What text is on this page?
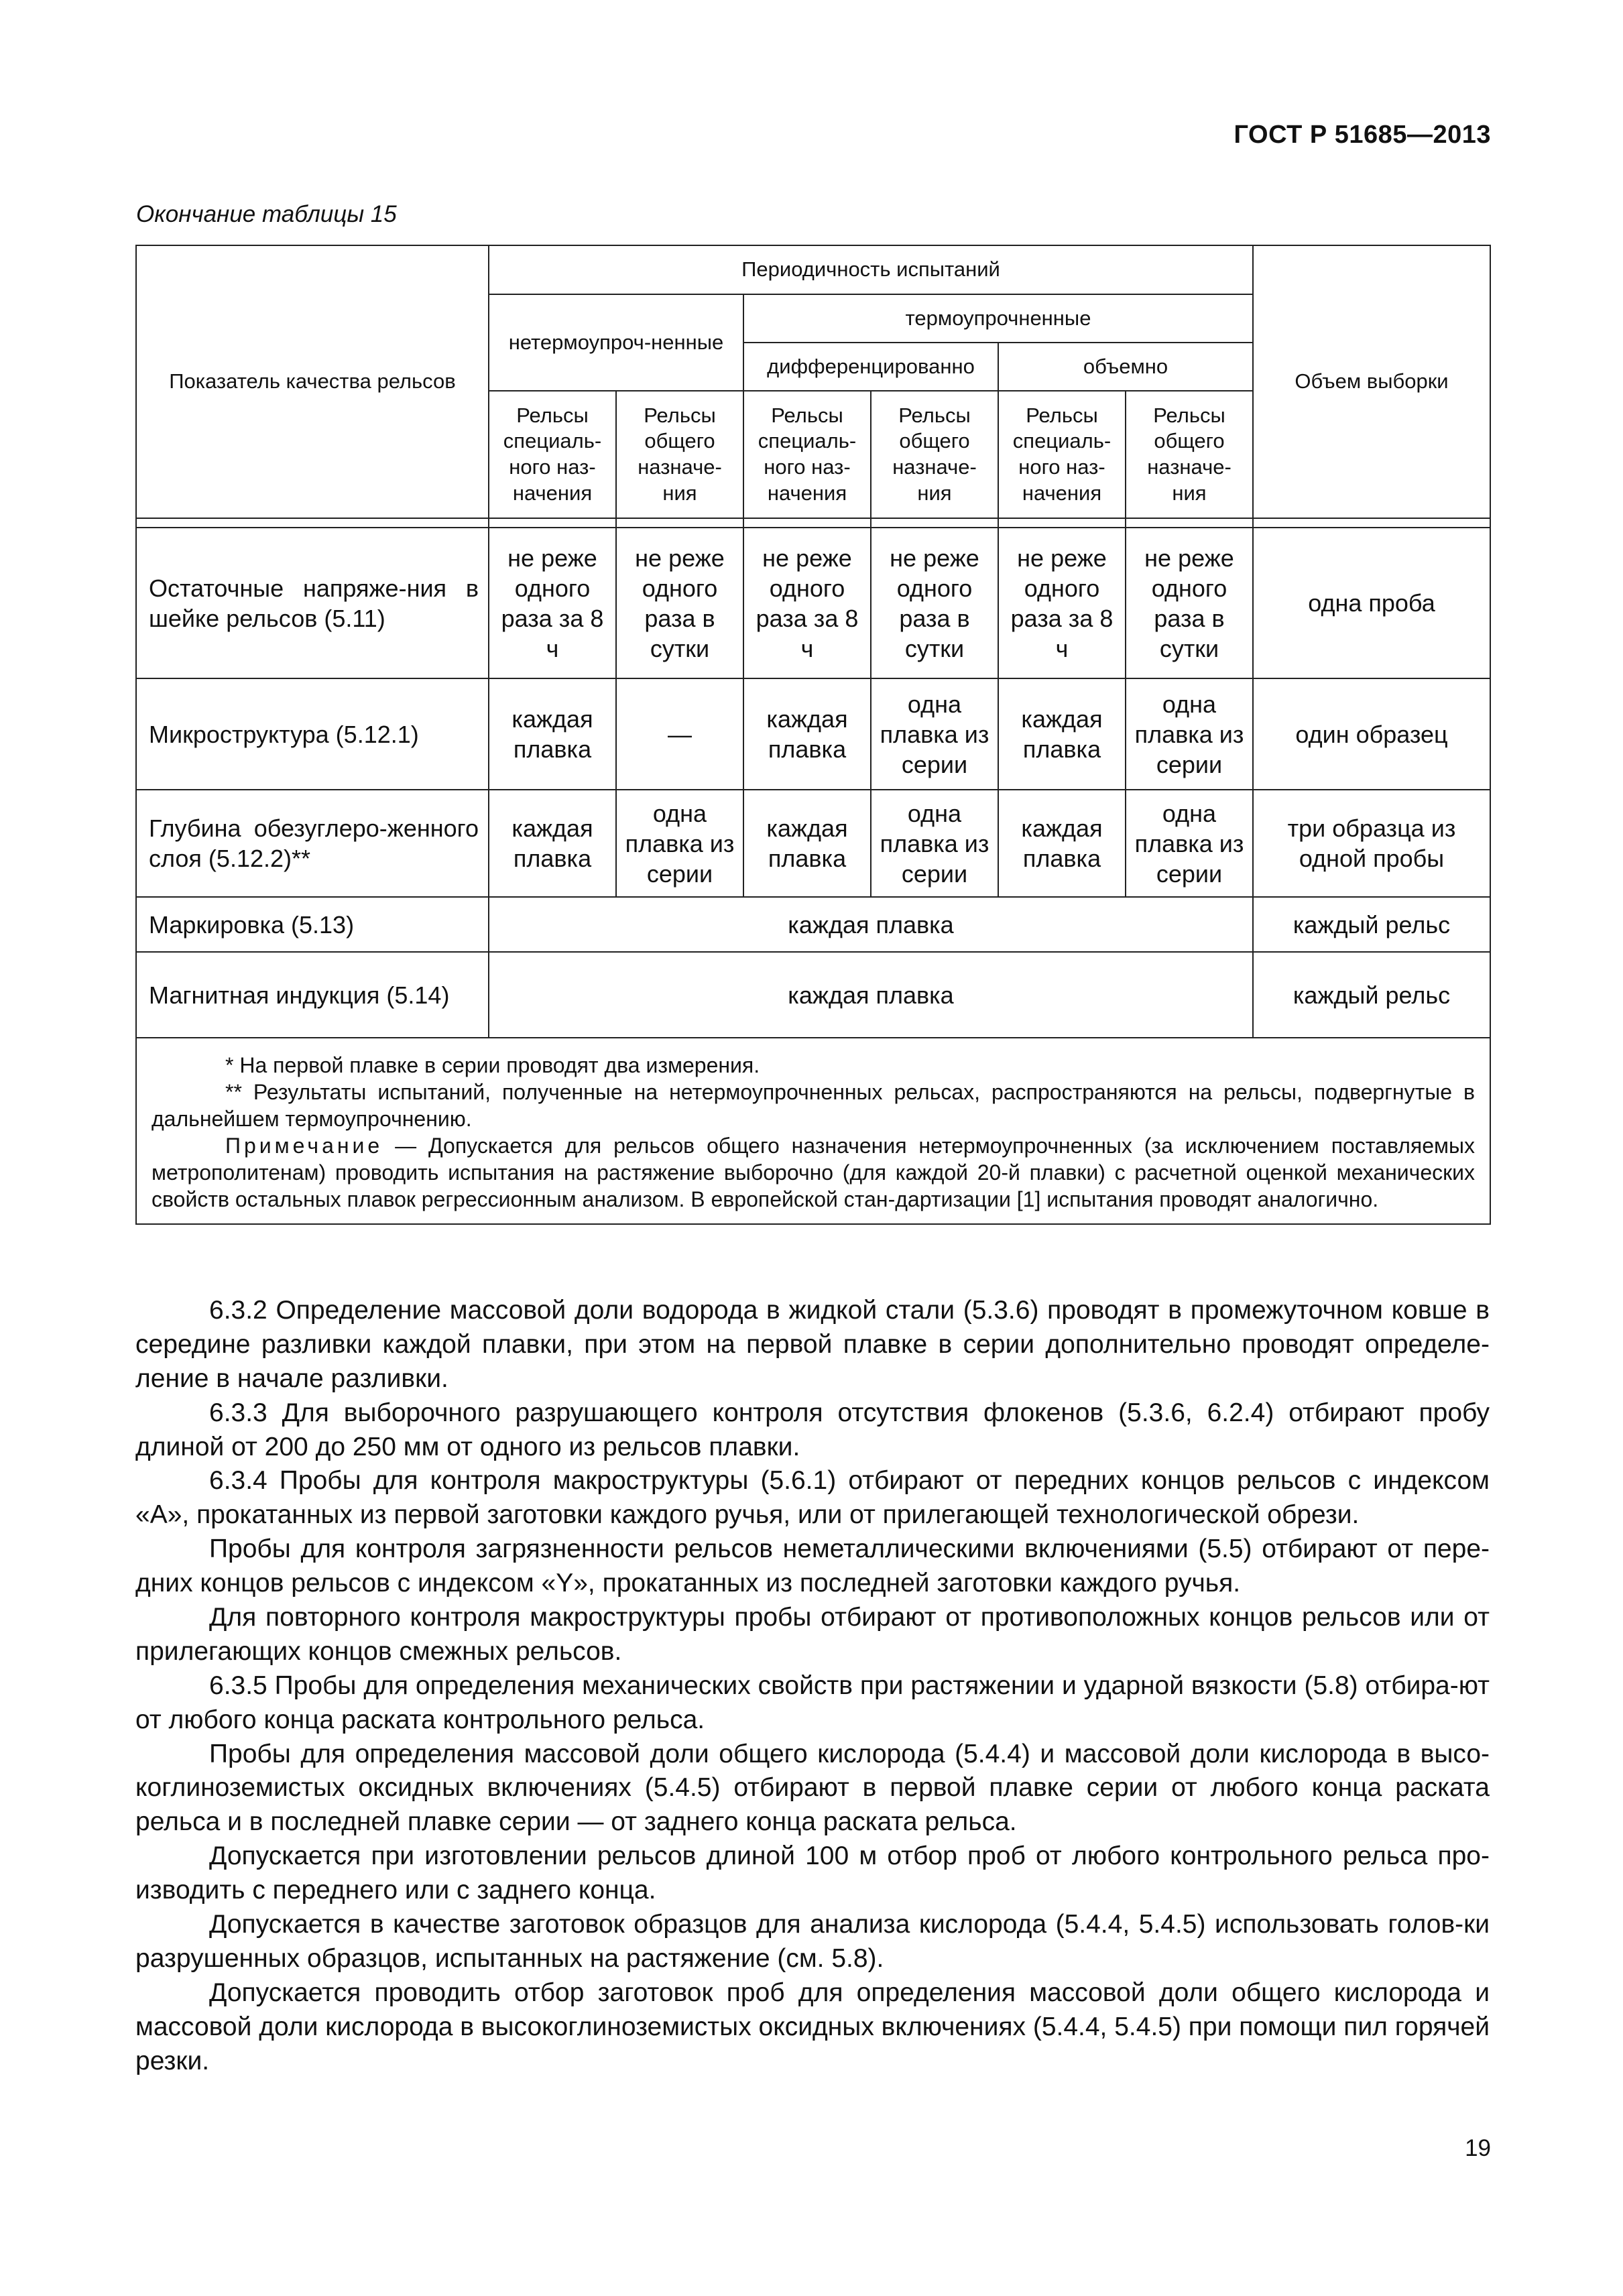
ГОСТ Р 51685—2013
Окончание таблицы 15
Показатель качества рельсов	Периодичность испытаний						Объем выборки
	нетермоупроч-ненные		термоупрочненные				
			дифференцированно		объемно		
	Рельсы специаль-ного наз-начения	Рельсы общего назначе-ния	Рельсы специаль-ного наз-начения	Рельсы общего назначе-ния	Рельсы специаль-ного наз-начения	Рельсы общего назначе-ния	

Остаточные напряже-ния в шейке рельсов (5.11)	не реже одного раза за 8 ч	не реже одного раза в сутки	не реже одного раза за 8 ч	не реже одного раза в сутки	не реже одного раза за 8 ч	не реже одного раза в сутки	одна проба
Микроструктура (5.12.1)	каждая плавка	—	каждая плавка	одна плавка из серии	каждая плавка	одна плавка из серии	один образец
Глубина обезуглеро-женного слоя (5.12.2)**	каждая плавка	одна плавка из серии	каждая плавка	одна плавка из серии	каждая плавка	одна плавка из серии	три образца из одной пробы
Маркировка (5.13)	каждая плавка						каждый рельс
Магнитная индукция (5.14)	каждая плавка						каждый рельс

* На первой плавке в серии проводят два измерения.

** Результаты испытаний, полученные на нетермоупрочненных рельсах, распространяются на рельсы, подвергнутые в дальнейшем термоупрочнению.

Примечание — Допускается для рельсов общего назначения нетермоупрочненных (за исключением поставляемых метрополитенам) проводить испытания на растяжение выборочно (для каждой 20-й плавки) с расчетной оценкой механических свойств остальных плавок регрессионным анализом. В европейской стан-дартизации [1] испытания проводят аналогично.							

6.3.2 Определение массовой доли водорода в жидкой стали (5.3.6) проводят в промежуточном ковше в середине разливки каждой плавки, при этом на первой плавке в серии дополнительно проводят определе-ление в начале разливки.

6.3.3 Для выборочного разрушающего контроля отсутствия флокенов (5.3.6, 6.2.4) отбирают пробу длиной от 200 до 250 мм от одного из рельсов плавки.

6.3.4 Пробы для контроля макроструктуры (5.6.1) отбирают от передних концов рельсов с индексом «А», прокатанных из первой заготовки каждого ручья, или от прилегающей технологической обрези.

Пробы для контроля загрязненности рельсов неметаллическими включениями (5.5) отбирают от пере-дних концов рельсов с индексом «Y», прокатанных из последней заготовки каждого ручья.

Для повторного контроля макроструктуры пробы отбирают от противоположных концов рельсов или от прилегающих концов смежных рельсов.

6.3.5 Пробы для определения механических свойств при растяжении и ударной вязкости (5.8) отбира-ют от любого конца раската контрольного рельса.

Пробы для определения массовой доли общего кислорода (5.4.4) и массовой доли кислорода в высо-коглиноземистых оксидных включениях (5.4.5) отбирают в первой плавке серии от любого конца раската рельса и в последней плавке серии — от заднего конца раската рельса.

Допускается при изготовлении рельсов длиной 100 м отбор проб от любого контрольного рельса про-изводить с переднего или с заднего конца.

Допускается в качестве заготовок образцов для анализа кислорода (5.4.4, 5.4.5) использовать голов-ки разрушенных образцов, испытанных на растяжение (см. 5.8).

Допускается проводить отбор заготовок проб для определения массовой доли общего кислорода и массовой доли кислорода в высокоглиноземистых оксидных включениях (5.4.4, 5.4.5) при помощи пил горячей резки.

19
